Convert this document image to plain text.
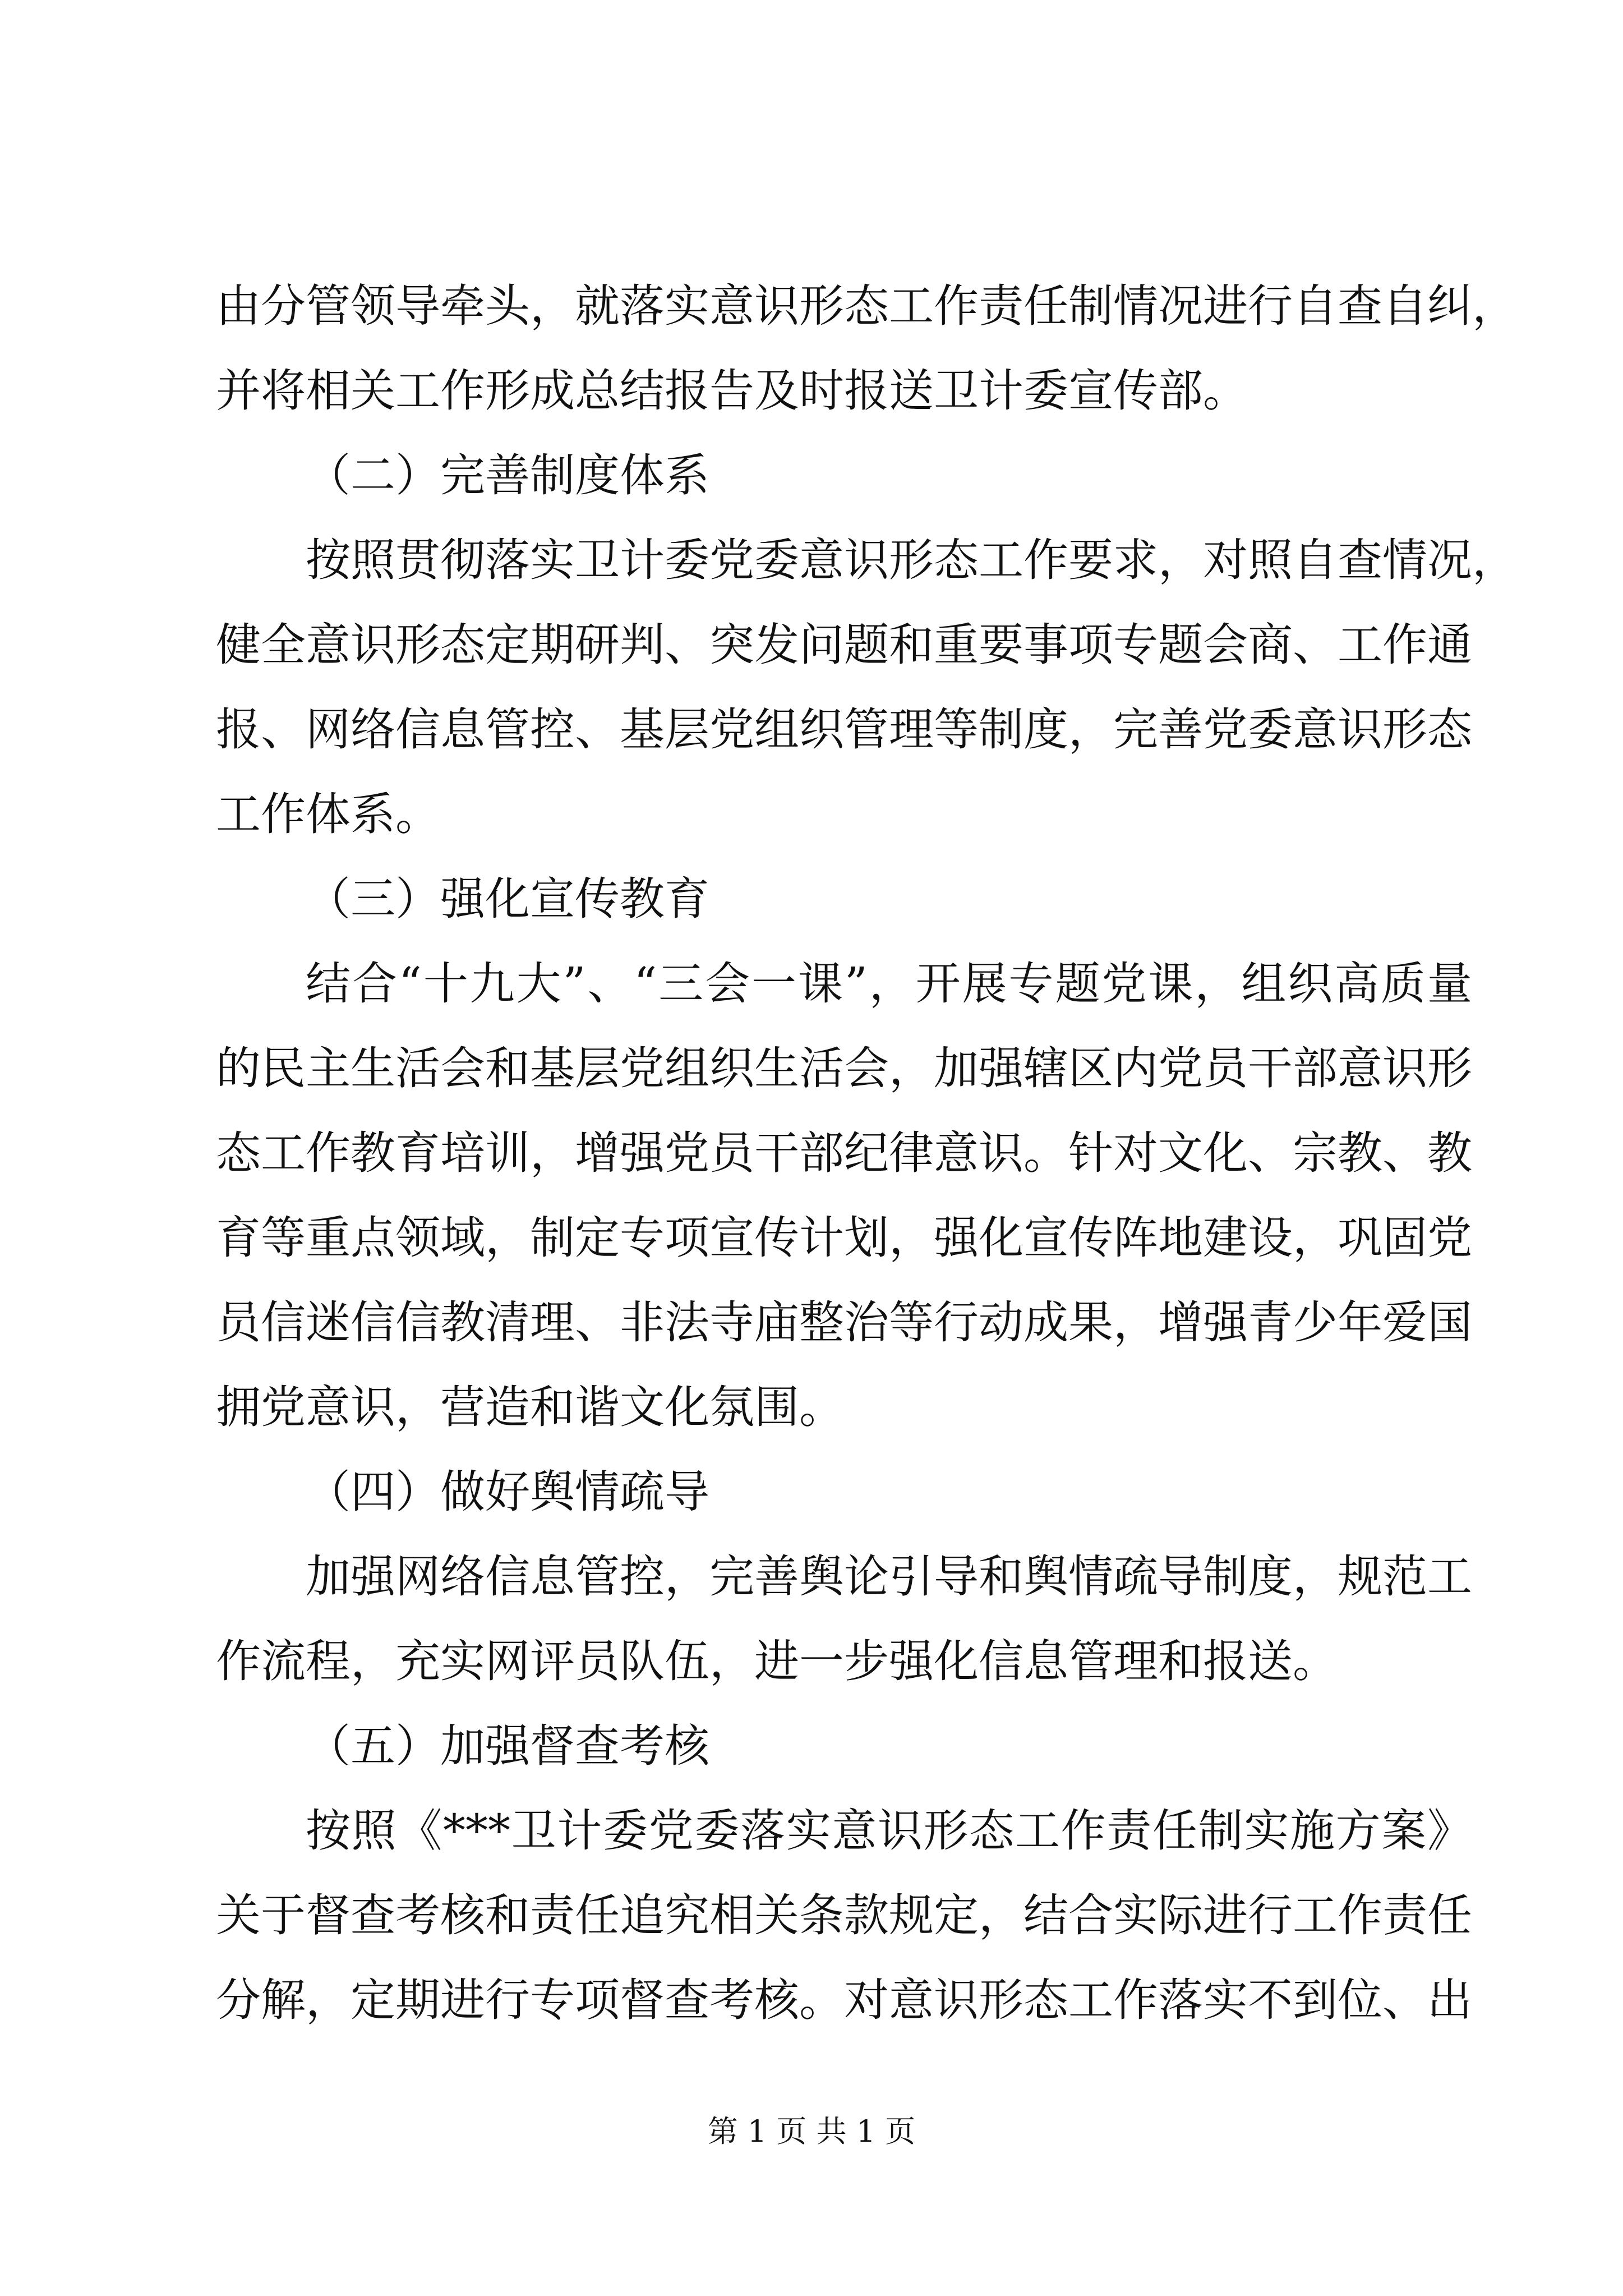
由分管领导牵头，就落实意识形态工作责任制情况进行自查自纠，
并将相关工作形成总结报告及时报送卫计委宣传部。
（二）完善制度体系
按照贯彻落实卫计委党委意识形态工作要求，对照自查情况，
健全意识形态定期研判、突发问题和重要事项专题会商、工作通
报、网络信息管控、基层党组织管理等制度，完善党委意识形态
工作体系。
（三）强化宣传教育
结合“十九大”、“三会一课”，开展专题党课，组织高质量
的民主生活会和基层党组织生活会，加强辖区内党员干部意识形
态工作教育培训，增强党员干部纪律意识。针对文化、宗教、教
育等重点领域，制定专项宣传计划，强化宣传阵地建设，巩固党
员信迷信信教清理、非法寺庙整治等行动成果，增强青少年爱国
拥党意识，营造和谐文化氛围。
（四）做好舆情疏导
加强网络信息管控，完善舆论引导和舆情疏导制度，规范工
作流程，充实网评员队伍，进一步强化信息管理和报送。
（五）加强督查考核
按照《***卫计委党委落实意识形态工作责任制实施方案》
关于督查考核和责任追究相关条款规定，结合实际进行工作责任
分解，定期进行专项督查考核。对意识形态工作落实不到位、出
第 1 页 共 1 页
